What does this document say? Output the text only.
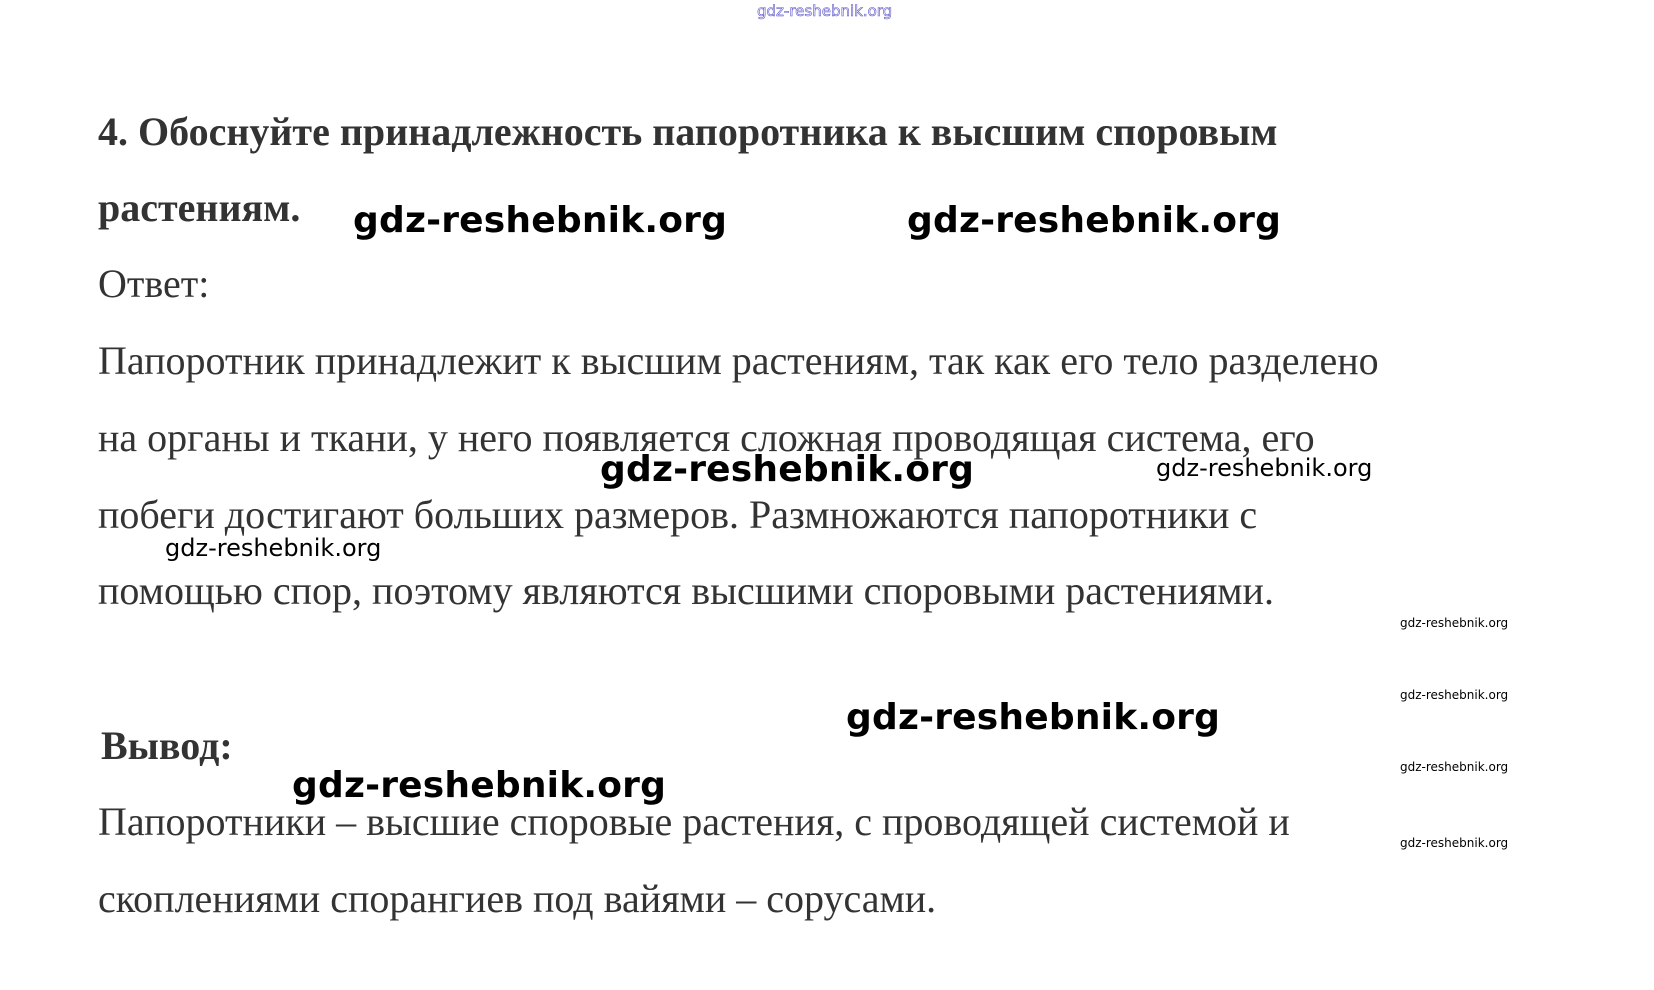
gdz-reshebnik.org
4. Обоснуйте принадлежность папоротника к высшим споровым
растениям.
Ответ:
Папоротник принадлежит к высшим растениям, так как его тело разделено
на органы и ткани, у него появляется сложная проводящая система, его
побеги достигают больших размеров. Размножаются папоротники с
помощью спор, поэтому являются высшими споровыми растениями.
Вывод:
Папоротники – высшие споровые растения, с проводящей системой и
скоплениями спорангиев под вайями – сорусами.
gdz-reshebnik.org	gdz-reshebnik.org
gdz-reshebnik.org	gdz-reshebnik.org
gdz-reshebnik.org
gdz-reshebnik.org
gdz-reshebnik.org
gdz-reshebnik.org
gdz-reshebnik.org
gdz-reshebnik.org
gdz-reshebnik.org
